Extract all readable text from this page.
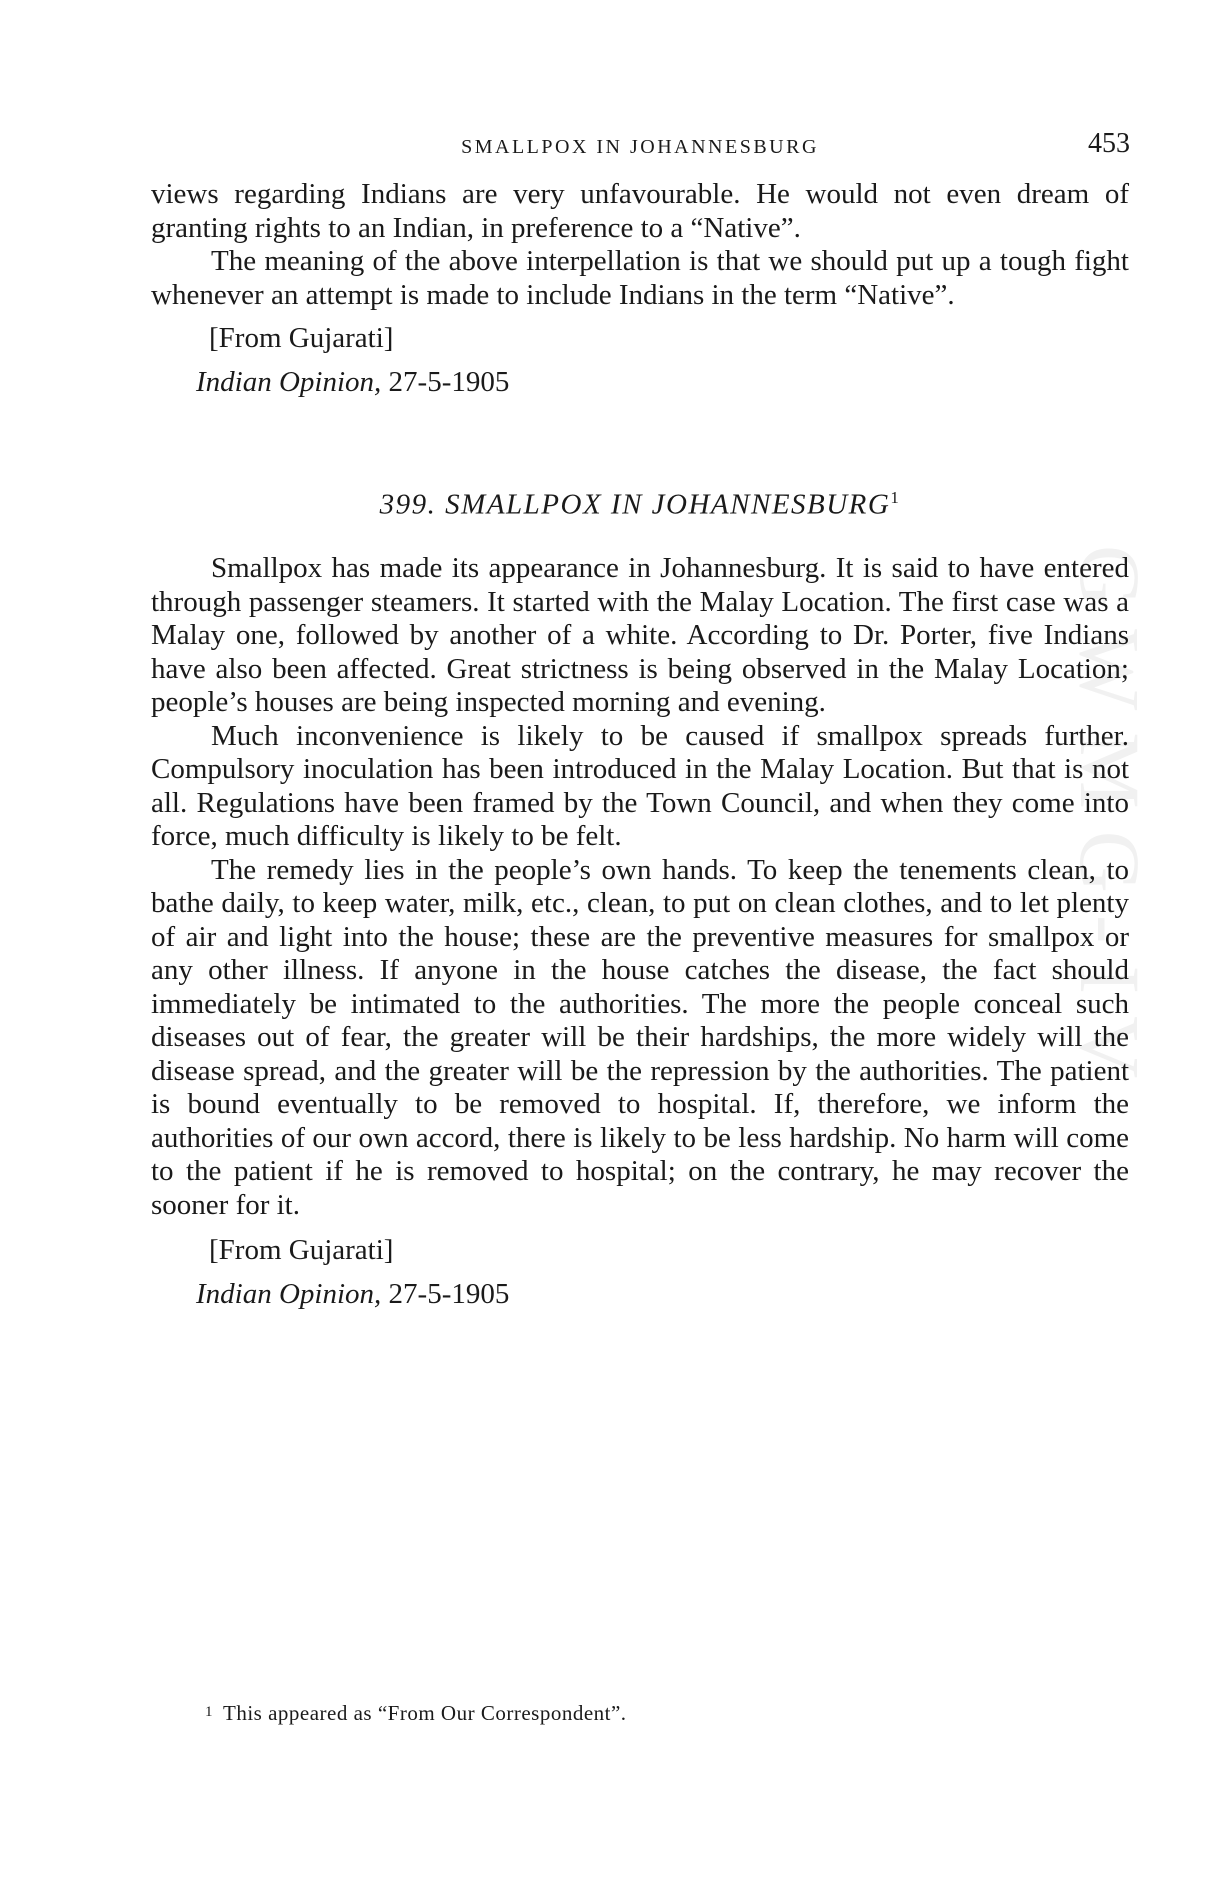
SMALLPOX IN JOHANNESBURG	453
GWMG-IV

views regarding Indians are very unfavourable. He would not even dream of granting rights to an Indian, in preference to a “Native”.

The meaning of the above interpellation is that we should put up a tough fight whenever an attempt is made to include Indians in the term “Native”.

[From Gujarati]

Indian Opinion, 27-5-1905

399. SMALLPOX IN JOHANNESBURG$^1$

Smallpox has made its appearance in Johannesburg. It is said to have entered through passenger steamers. It started with the Malay Location. The first case was a Malay one, followed by another of a white. According to Dr. Porter, five Indians have also been affected. Great strictness is being observed in the Malay Location; people’s houses are being inspected morning and evening.

Much inconvenience is likely to be caused if smallpox spreads further. Compulsory inoculation has been introduced in the Malay Location. But that is not all. Regulations have been framed by the Town Council, and when they come into force, much difficulty is likely to be felt.

The remedy lies in the people’s own hands. To keep the tenements clean, to bathe daily, to keep water, milk, etc., clean, to put on clean clothes, and to let plenty of air and light into the house; these are the preventive measures for smallpox or any other illness. If anyone in the house catches the disease, the fact should immediately be intimated to the authorities. The more the people conceal such diseases out of fear, the greater will be their hardships, the more widely will the disease spread, and the greater will be the repression by the authorities. The patient is bound eventually to be removed to hospital. If, therefore, we inform the authorities of our own accord, there is likely to be less hardship. No harm will come to the patient if he is removed to hospital; on the contrary, he may recover the sooner for it.

[From Gujarati]

Indian Opinion, 27-5-1905

1 This appeared as “From Our Correspondent”.
